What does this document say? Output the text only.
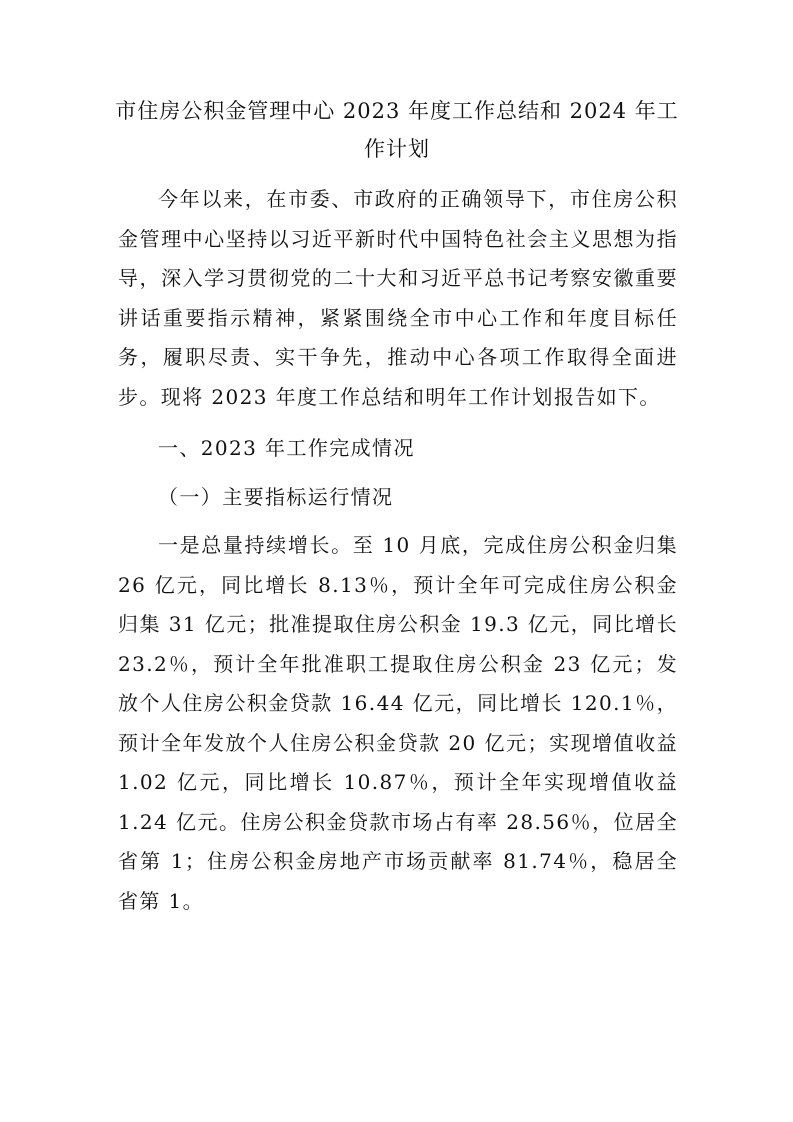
市住房公积金管理中心 2023 年度工作总结和 2024 年工作计划

今年以来，在市委、市政府的正确领导下，市住房公积金管理中心坚持以习近平新时代中国特色社会主义思想为指导，深入学习贯彻党的二十大和习近平总书记考察安徽重要讲话重要指示精神，紧紧围绕全市中心工作和年度目标任务，履职尽责、实干争先，推动中心各项工作取得全面进步。现将 2023 年度工作总结和明年工作计划报告如下。

一、2023 年工作完成情况

（一）主要指标运行情况

一是总量持续增长。至 10 月底，完成住房公积金归集 26 亿元，同比增长 8.13％，预计全年可完成住房公积金归集 31 亿元；批准提取住房公积金 19.3 亿元，同比增长 23.2％，预计全年批准职工提取住房公积金 23 亿元；发放个人住房公积金贷款 16.44 亿元，同比增长 120.1％，预计全年发放个人住房公积金贷款 20 亿元；实现增值收益 1.02 亿元，同比增长 10.87％，预计全年实现增值收益 1.24 亿元。住房公积金贷款市场占有率 28.56％，位居全省第 1；住房公积金房地产市场贡献率 81.74％，稳居全省第 1。
